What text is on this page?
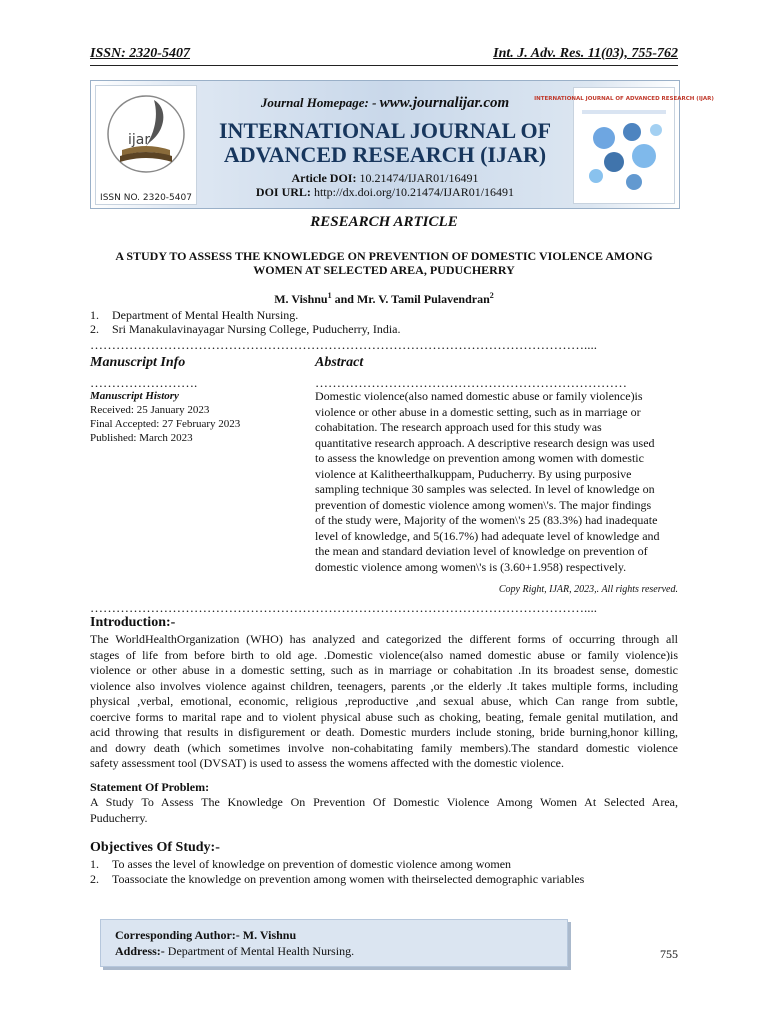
ISSN: 2320-5407	Int. J. Adv. Res. 11(03), 755-762
ijar
ISSN NO. 2320-5407
Journal Homepage: - www.journalijar.com
INTERNATIONAL JOURNAL OF
ADVANCED RESEARCH (IJAR)
Article DOI: 10.21474/IJAR01/16491
DOI URL: http://dx.doi.org/10.21474/IJAR01/16491
INTERNATIONAL JOURNAL OF ADVANCED RESEARCH (IJAR)
RESEARCH ARTICLE
A STUDY TO ASSESS THE KNOWLEDGE ON PREVENTION OF DOMESTIC VIOLENCE AMONG
WOMEN AT SELECTED AREA, PUDUCHERRY
M. Vishnu$^1$ and Mr. V. Tamil Pulavendran$^2$
1. Department of Mental Health Nursing.
2. Sri Manakulavinayagar Nursing College, Puducherry, India.
……………………………………………………………………………………………………....
Manuscript Info
…………………….
Manuscript History
Received: 25 January 2023
Final Accepted: 27 February 2023
Published: March 2023
Abstract
………………………………………………………………
Domestic violence(also named domestic abuse or family violence)is
violence or other abuse in a domestic setting, such as in marriage or
cohabitation. The research approach used for this study was
quantitative research approach. A descriptive research design was used
to assess the knowledge on prevention among women with domestic
violence at Kalitheerthalkuppam, Puducherry. By using purposive
sampling technique 30 samples was selected. In level of knowledge on
prevention of domestic violence among women\'s. The major findings
of the study were, Majority of the women\'s 25 (83.3%) had inadequate
level of knowledge, and 5(16.7%) had adequate level of knowledge and
the mean and standard deviation level of knowledge on prevention of
domestic violence among women\'s is (3.60+1.958) respectively.
Copy Right, IJAR, 2023,. All rights reserved.
……………………………………………………………………………………………………....
Introduction:-
The WorldHealthOrganization (WHO) has analyzed and categorized the different forms of occurring through all
stages of life from before birth to old age. .Domestic violence(also named domestic abuse or family violence)is
violence or other abuse in a domestic setting, such as in marriage or cohabitation .In its broadest sense, domestic
violence also involves violence against children, teenagers, parents ,or the elderly .It takes multiple forms, including
physical ,verbal, emotional, economic, religious ,reproductive ,and sexual abuse, which Can range from subtle,
coercive forms to marital rape and to violent physical abuse such as choking, beating, female genital mutilation, and
acid throwing that results in disfigurement or death. Domestic murders include stoning, bride burning,honor killing,
and dowry death (which sometimes involve non-cohabitating family members).The standard domestic violence
safety assessment tool (DVSAT) is used to assess the womens affected with the domestic violence.
Statement Of Problem:
A Study To Assess The Knowledge On Prevention Of Domestic Violence Among Women At Selected Area,
Puducherry.
Objectives Of Study:-
1. To asses the level of knowledge on prevention of domestic violence among women
2. Toassociate the knowledge on prevention among women with theirselected demographic variables
Corresponding Author:- M. Vishnu
Address:- Department of Mental Health Nursing.	755
